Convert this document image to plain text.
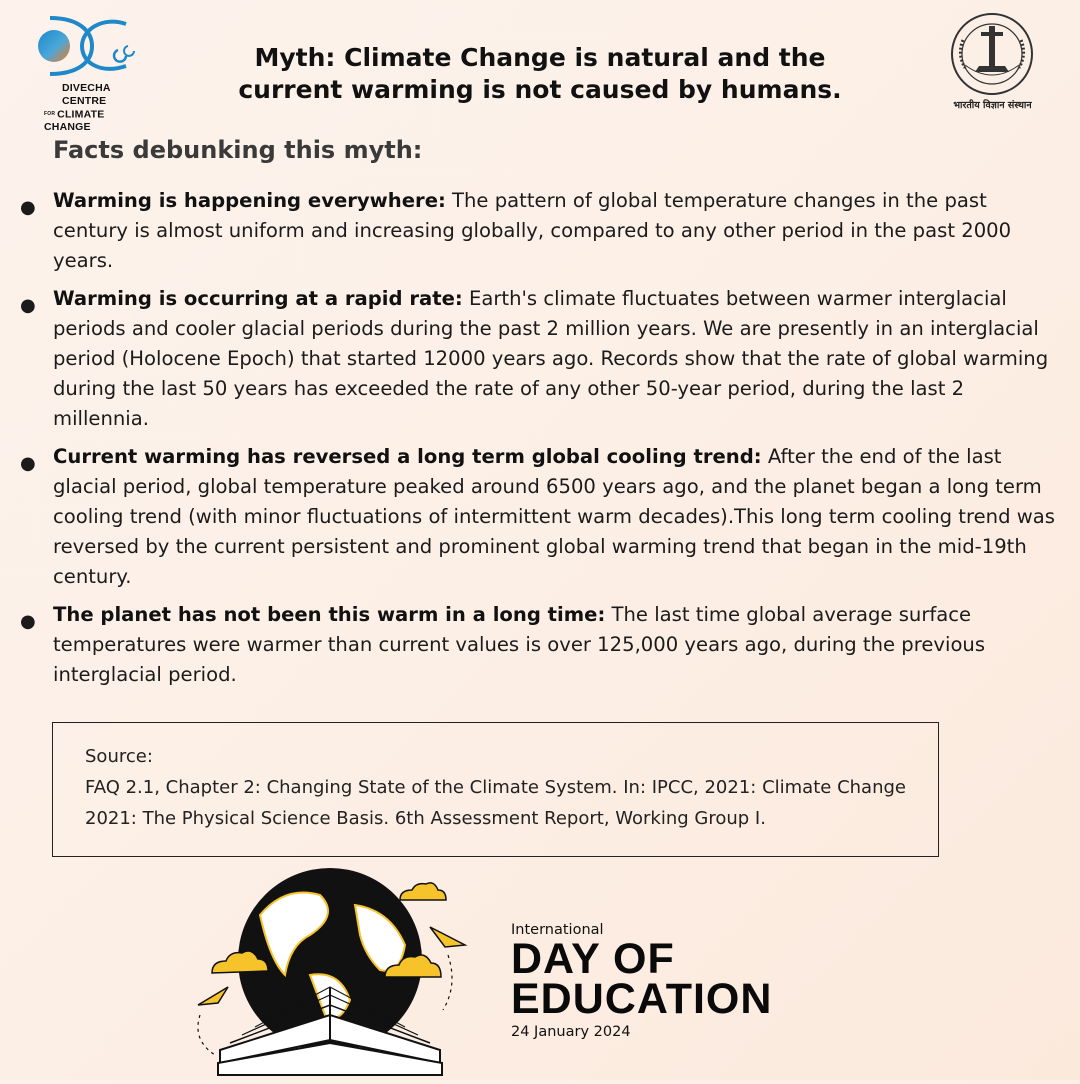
DIVECHA CENTRE
FOR CLIMATE CHANGE
Myth: Climate Change is natural and the
current warming is not caused by humans.
भारतीय विज्ञान संस्थान
Facts debunking this myth:
● Warming is happening everywhere: The pattern of global temperature changes in the past century is almost uniform and increasing globally, compared to any other period in the past 2000 years.
● Warming is occurring at a rapid rate: Earth's climate fluctuates between warmer interglacial periods and cooler glacial periods during the past 2 million years. We are presently in an interglacial period (Holocene Epoch) that started 12000 years ago. Records show that the rate of global warming during the last 50 years has exceeded the rate of any other 50-year period, during the last 2 millennia.
● Current warming has reversed a long term global cooling trend: After the end of the last glacial period, global temperature peaked around 6500 years ago, and the planet began a long term cooling trend (with minor fluctuations of intermittent warm decades).This long term cooling trend was reversed by the current persistent and prominent global warming trend that began in the mid-19th century.
● The planet has not been this warm in a long time: The last time global average surface temperatures were warmer than current values is over 125,000 years ago, during the previous interglacial period.
Source:
FAQ 2.1, Chapter 2: Changing State of the Climate System. In: IPCC, 2021: Climate Change 2021: The Physical Science Basis. 6th Assessment Report, Working Group I.
International
DAY OF
EDUCATION
24 January 2024
